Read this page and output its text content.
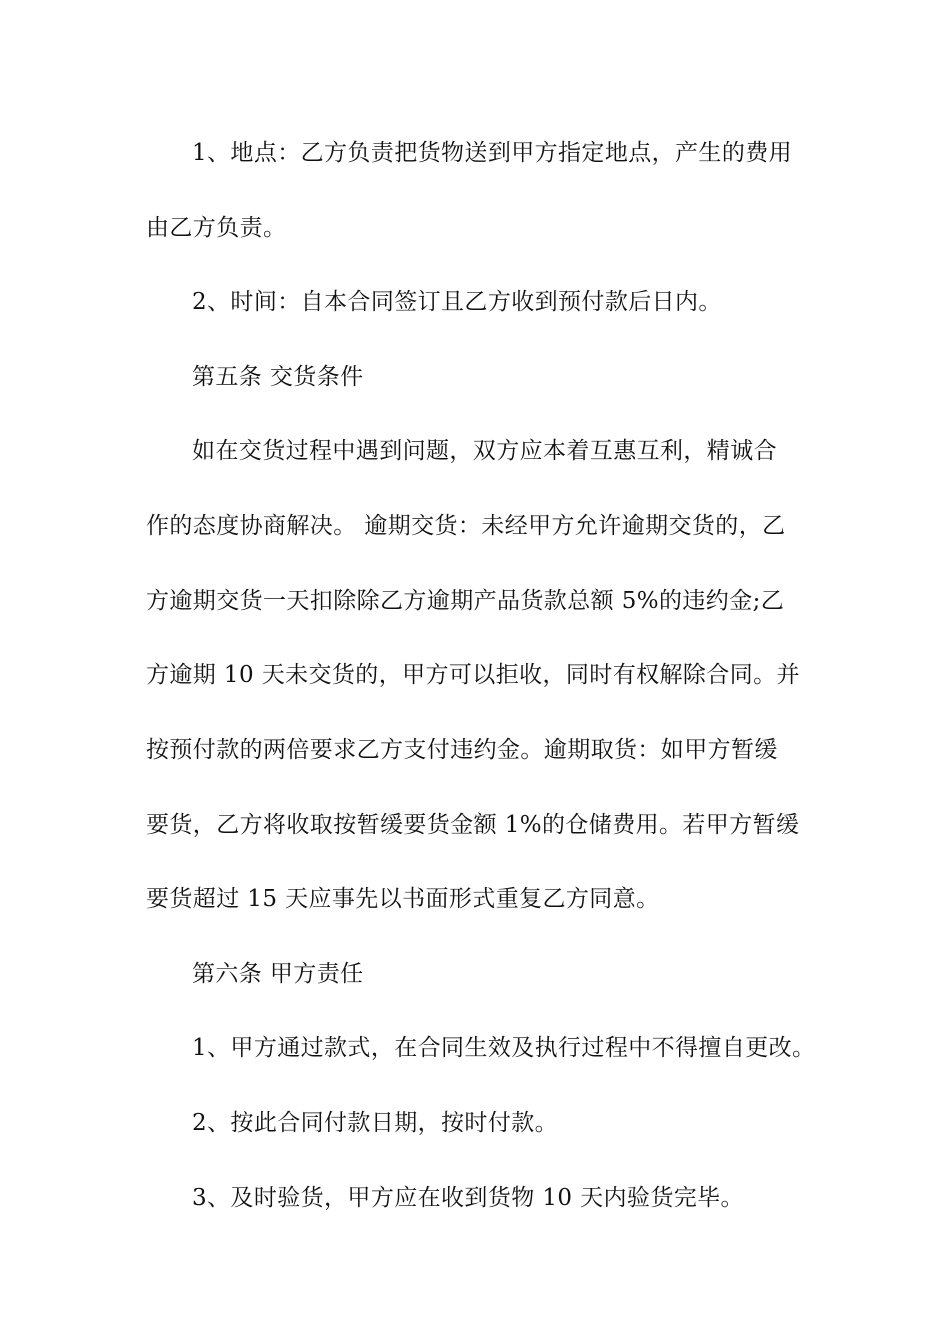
1、地点：乙方负责把货物送到甲方指定地点，产生的费用
由乙方负责。
2、时间：自本合同签订且乙方收到预付款后日内。
第五条 交货条件
如在交货过程中遇到问题，双方应本着互惠互利，精诚合
作的态度协商解决。 逾期交货：未经甲方允许逾期交货的，乙
方逾期交货一天扣除除乙方逾期产品货款总额 5%的违约金;乙
方逾期 10 天未交货的，甲方可以拒收，同时有权解除合同。并
按预付款的两倍要求乙方支付违约金。逾期取货：如甲方暂缓
要货，乙方将收取按暂缓要货金额 1%的仓储费用。若甲方暂缓
要货超过 15 天应事先以书面形式重复乙方同意。
第六条 甲方责任
1、甲方通过款式，在合同生效及执行过程中不得擅自更改。
2、按此合同付款日期，按时付款。
3、及时验货，甲方应在收到货物 10 天内验货完毕。
